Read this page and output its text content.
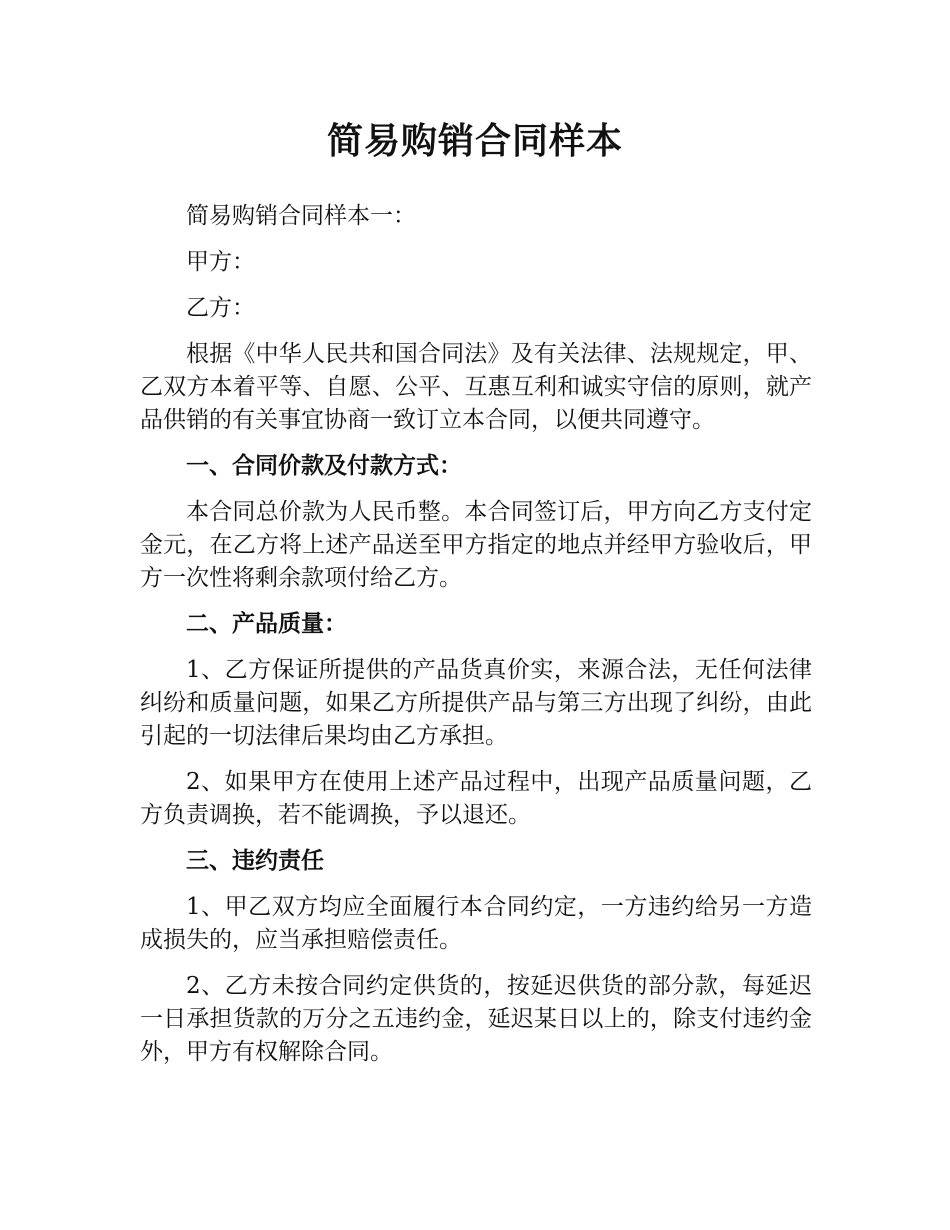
简易购销合同样本

简易购销合同样本一：

甲方：

乙方：

根据《中华人民共和国合同法》及有关法律、法规规定，甲、乙双方本着平等、自愿、公平、互惠互利和诚实守信的原则，就产品供销的有关事宜协商一致订立本合同，以便共同遵守。

一、合同价款及付款方式：

本合同总价款为人民币整。本合同签订后，甲方向乙方支付定金元，在乙方将上述产品送至甲方指定的地点并经甲方验收后，甲方一次性将剩余款项付给乙方。

二、产品质量：

1、乙方保证所提供的产品货真价实，来源合法，无任何法律纠纷和质量问题，如果乙方所提供产品与第三方出现了纠纷，由此引起的一切法律后果均由乙方承担。

2、如果甲方在使用上述产品过程中，出现产品质量问题，乙方负责调换，若不能调换，予以退还。

三、违约责任

1、甲乙双方均应全面履行本合同约定，一方违约给另一方造成损失的，应当承担赔偿责任。

2、乙方未按合同约定供货的，按延迟供货的部分款，每延迟一日承担货款的万分之五违约金，延迟某日以上的，除支付违约金外，甲方有权解除合同。
